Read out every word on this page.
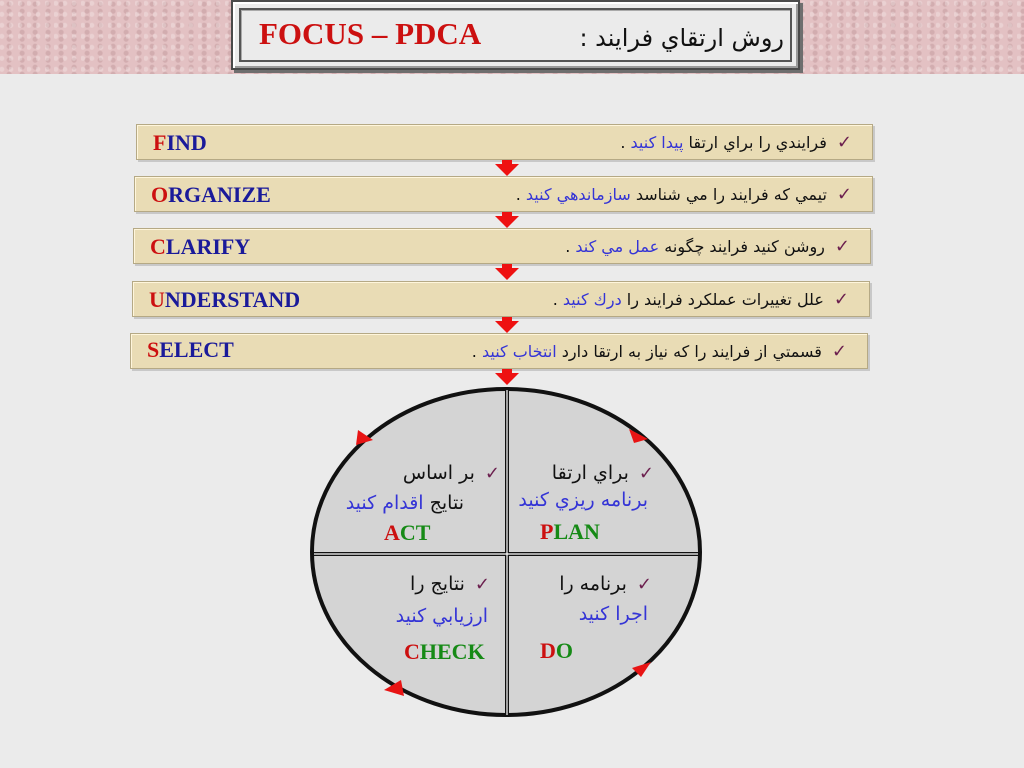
FOCUS – PDCA	روش ارتقاي فرايند :
FIND	✓فرايندي را براي ارتقا پيدا كنيد .
ORGANIZE	✓تيمي كه فرايند را مي شناسد سازماندهي كنيد .
CLARIFY	✓روشن كنيد فرايند چگونه عمل مي كند .
UNDERSTAND	✓علل تغييرات عملكرد فرايند را درك كنيد .
SELECT	✓قسمتي از فرايند را كه نياز به ارتقا دارد انتخاب كنيد .
✓بر اساس
نتايج اقدام كنيد
ACT
✓براي ارتقا
برنامه ريزي كنيد
PLAN
✓نتايج را
ارزيابي كنيد
CHECK
✓برنامه را
اجرا كنيد
DO
